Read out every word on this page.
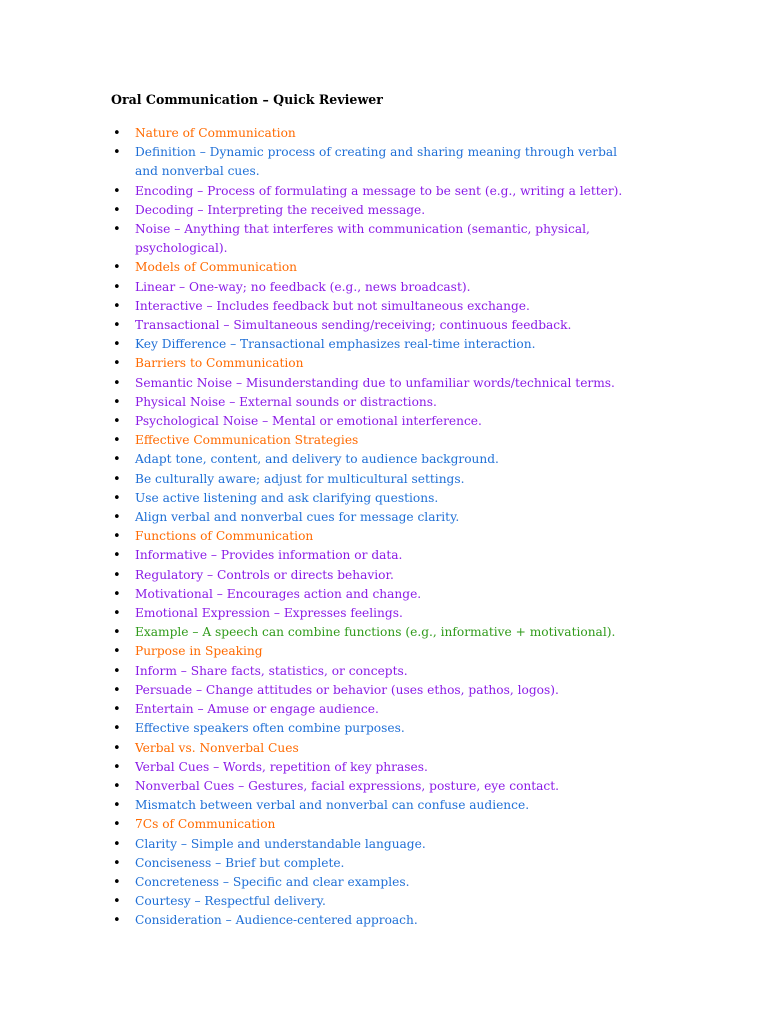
Oral Communication – Quick Reviewer
• Nature of Communication
• Definition – Dynamic process of creating and sharing meaning through verbal and nonverbal cues.
• Encoding – Process of formulating a message to be sent (e.g., writing a letter).
• Decoding – Interpreting the received message.
• Noise – Anything that interferes with communication (semantic, physical, psychological).
• Models of Communication
• Linear – One-way; no feedback (e.g., news broadcast).
• Interactive – Includes feedback but not simultaneous exchange.
• Transactional – Simultaneous sending/receiving; continuous feedback.
• Key Difference – Transactional emphasizes real-time interaction.
• Barriers to Communication
• Semantic Noise – Misunderstanding due to unfamiliar words/technical terms.
• Physical Noise – External sounds or distractions.
• Psychological Noise – Mental or emotional interference.
• Effective Communication Strategies
• Adapt tone, content, and delivery to audience background.
• Be culturally aware; adjust for multicultural settings.
• Use active listening and ask clarifying questions.
• Align verbal and nonverbal cues for message clarity.
• Functions of Communication
• Informative – Provides information or data.
• Regulatory – Controls or directs behavior.
• Motivational – Encourages action and change.
• Emotional Expression – Expresses feelings.
• Example – A speech can combine functions (e.g., informative + motivational).
• Purpose in Speaking
• Inform – Share facts, statistics, or concepts.
• Persuade – Change attitudes or behavior (uses ethos, pathos, logos).
• Entertain – Amuse or engage audience.
• Effective speakers often combine purposes.
• Verbal vs. Nonverbal Cues
• Verbal Cues – Words, repetition of key phrases.
• Nonverbal Cues – Gestures, facial expressions, posture, eye contact.
• Mismatch between verbal and nonverbal can confuse audience.
• 7Cs of Communication
• Clarity – Simple and understandable language.
• Conciseness – Brief but complete.
• Concreteness – Specific and clear examples.
• Courtesy – Respectful delivery.
• Consideration – Audience-centered approach.
